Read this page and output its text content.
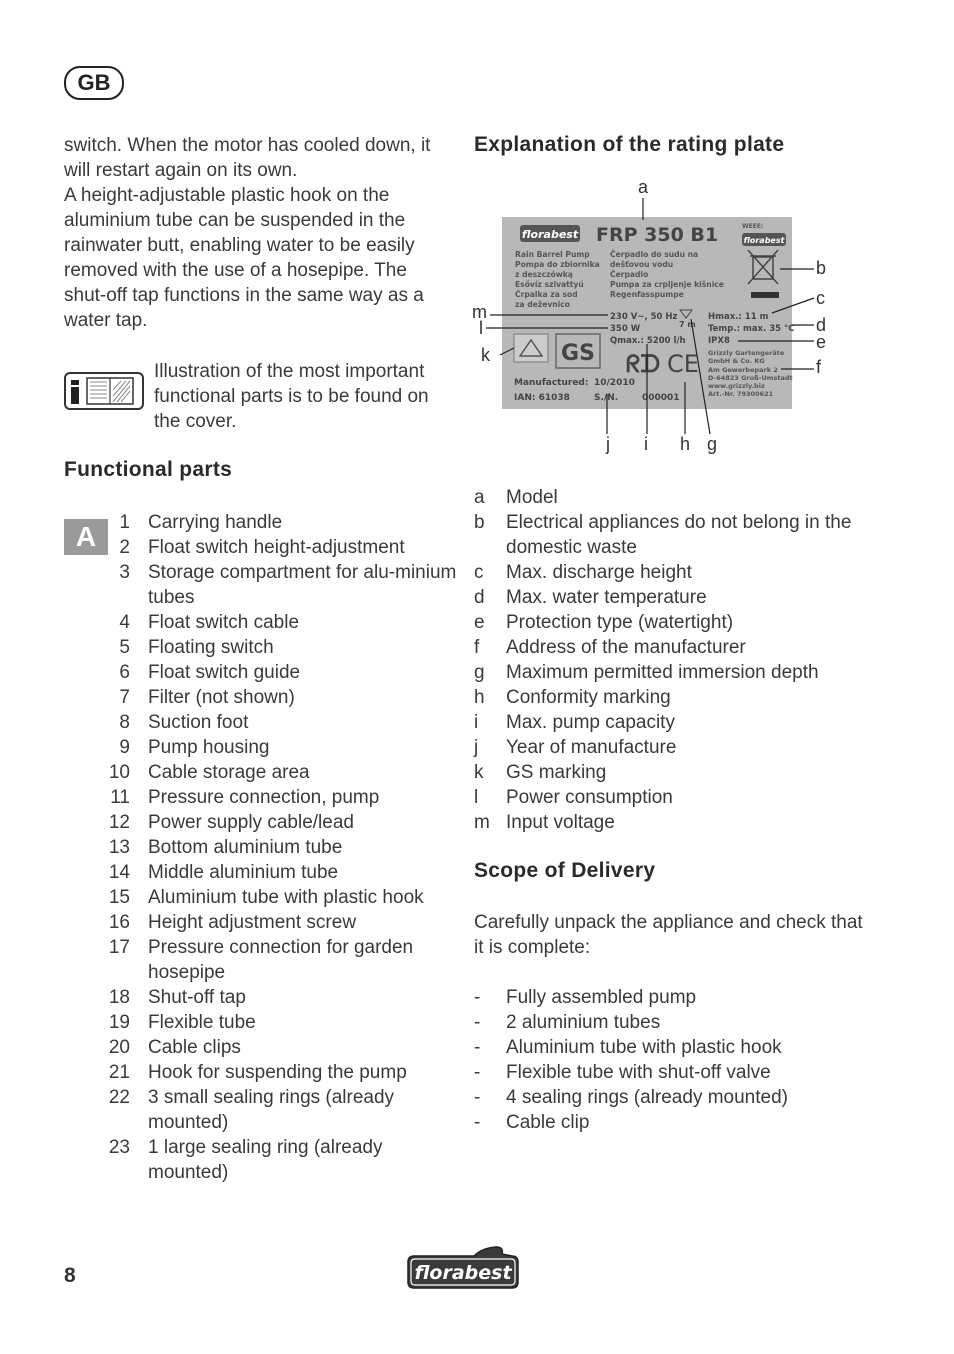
GB

switch. When the motor has cooled down, it will restart again on its own.

A height-adjustable plastic hook on the aluminium tube can be suspended in the rainwater butt, enabling water to be easily removed with the use of a hosepipe. The shut-off tap functions in the same way as a water tap.

Illustration of the most important functional parts is to be found on the cover.
Functional parts
A	1 Carrying handle
2 Float switch height-adjustment
3 Storage compartment for alu-minium tubes
4 Float switch cable
5 Floating switch
6 Float switch guide
7 Filter (not shown)
8 Suction foot
9 Pump housing
10 Cable storage area
11 Pressure connection, pump
12 Power supply cable/lead
13 Bottom aluminium tube
14 Middle aluminium tube
15 Aluminium tube with plastic hook
16 Height adjustment screw
17 Pressure connection for garden hosepipe
18 Shut-off tap
19 Flexible tube
20 Cable clips
21 Hook for suspending the pump
22 3 small sealing rings (already mounted)
23 1 large sealing ring (already mounted)
Explanation of the rating plate
florabest FRP 350 B1
Rain Barrel Pump
Pompa do zbiornika
z deszczówką
Esővíz szivattyú
Črpalka za sod
za deževnico
Čerpadlo do sudu na
dešťovou vodu
Čerpadlo
Pumpa za crpljenje kišnice
Regenfasspumpe
WEEE:
florabest
230 V~, 50 Hz
350 W
Qmax.: 5200 l/h
7 m
Hmax.: 11 m
Temp.: max. 35 °C
IPX8
Grizzly Gartengeräte
GmbH & Co. KG
Am Gewerbepark 2
D-64823 Groß-Umstadt
www.grizzly.biz
Art.-Nr. 79300621
GS ᖇᗪ CE
Manufactured: 10/2010
IAN: 61038	S./N.	000001
a
b
c
d
e
f
g
h
i
j
k
l
m
a	Model
b	Electrical appliances do not belong in the domestic waste
c	Max. discharge height
d	Max. water temperature
e	Protection type (watertight)
f	Address of the manufacturer
g	Maximum permitted immersion depth
h	Conformity marking
i	Max. pump capacity
j	Year of manufacture
k	GS marking
l	Power consumption
m Input voltage
Scope of Delivery
Carefully unpack the appliance and check that it is complete:
-	Fully assembled pump
-	2 aluminium tubes
-	Aluminium tube with plastic hook
-	Flexible tube with shut-off valve
-	4 sealing rings (already mounted)
-	Cable clip
8	florabest
